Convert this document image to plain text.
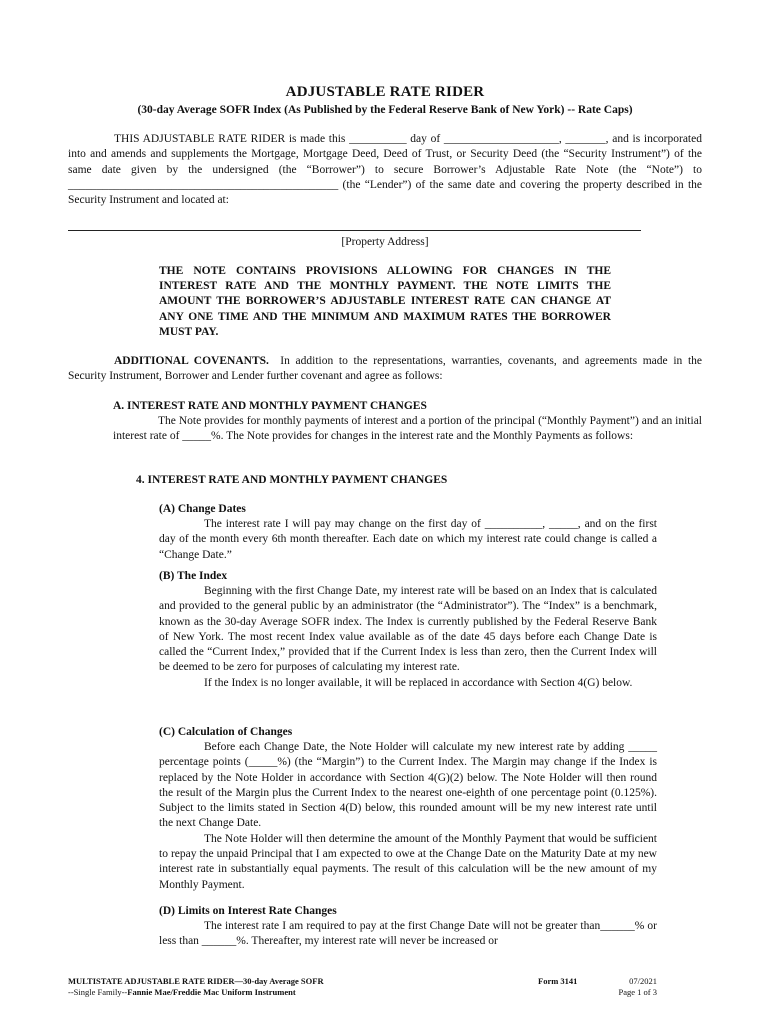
ADJUSTABLE RATE RIDER
(30-day Average SOFR Index (As Published by the Federal Reserve Bank of New York) -- Rate Caps)

THIS ADJUSTABLE RATE RIDER is made this __________ day of ____________________, _______, and is incorporated into and amends and supplements the Mortgage, Mortgage Deed, Deed of Trust, or Security Deed (the “Security Instrument”) of the same date given by the undersigned (the “Borrower”) to secure Borrower’s Adjustable Rate Note (the “Note”) to _______________________________________________ (the “Lender”) of the same date and covering the property described in the Security Instrument and located at:

[Property Address]

THE NOTE CONTAINS PROVISIONS ALLOWING FOR CHANGES IN THE INTEREST RATE AND THE MONTHLY PAYMENT. THE NOTE LIMITS THE AMOUNT THE BORROWER’S ADJUSTABLE INTEREST RATE CAN CHANGE AT ANY ONE TIME AND THE MINIMUM AND MAXIMUM RATES THE BORROWER MUST PAY.

ADDITIONAL COVENANTS. In addition to the representations, warranties, covenants, and agreements made in the Security Instrument, Borrower and Lender further covenant and agree as follows:

A. INTEREST RATE AND MONTHLY PAYMENT CHANGES

The Note provides for monthly payments of interest and a portion of the principal (“Monthly Payment”) and an initial interest rate of _____%. The Note provides for changes in the interest rate and the Monthly Payments as follows:

4. INTEREST RATE AND MONTHLY PAYMENT CHANGES
(A) Change Dates

The interest rate I will pay may change on the first day of __________, _____, and on the first day of the month every 6th month thereafter. Each date on which my interest rate could change is called a “Change Date.”

(B) The Index

Beginning with the first Change Date, my interest rate will be based on an Index that is calculated and provided to the general public by an administrator (the “Administrator”). The “Index” is a benchmark, known as the 30-day Average SOFR index. The Index is currently published by the Federal Reserve Bank of New York. The most recent Index value available as of the date 45 days before each Change Date is called the “Current Index,” provided that if the Current Index is less than zero, then the Current Index will be deemed to be zero for purposes of calculating my interest rate.

If the Index is no longer available, it will be replaced in accordance with Section 4(G) below.

(C) Calculation of Changes

Before each Change Date, the Note Holder will calculate my new interest rate by adding _____ percentage points (_____%) (the “Margin”) to the Current Index. The Margin may change if the Index is replaced by the Note Holder in accordance with Section 4(G)(2) below. The Note Holder will then round the result of the Margin plus the Current Index to the nearest one-eighth of one percentage point (0.125%). Subject to the limits stated in Section 4(D) below, this rounded amount will be my new interest rate until the next Change Date.

The Note Holder will then determine the amount of the Monthly Payment that would be sufficient to repay the unpaid Principal that I am expected to owe at the Change Date on the Maturity Date at my new interest rate in substantially equal payments. The result of this calculation will be the new amount of my Monthly Payment.

(D) Limits on Interest Rate Changes

The interest rate I am required to pay at the first Change Date will not be greater than______% or less than ______%. Thereafter, my interest rate will never be increased or

MULTISTATE ADJUSTABLE RATE RIDER—30-day Average SOFR
--Single Family--Fannie Mae/Freddie Mac Uniform Instrument
Form 3141	07/2021
Page 1 of 3
